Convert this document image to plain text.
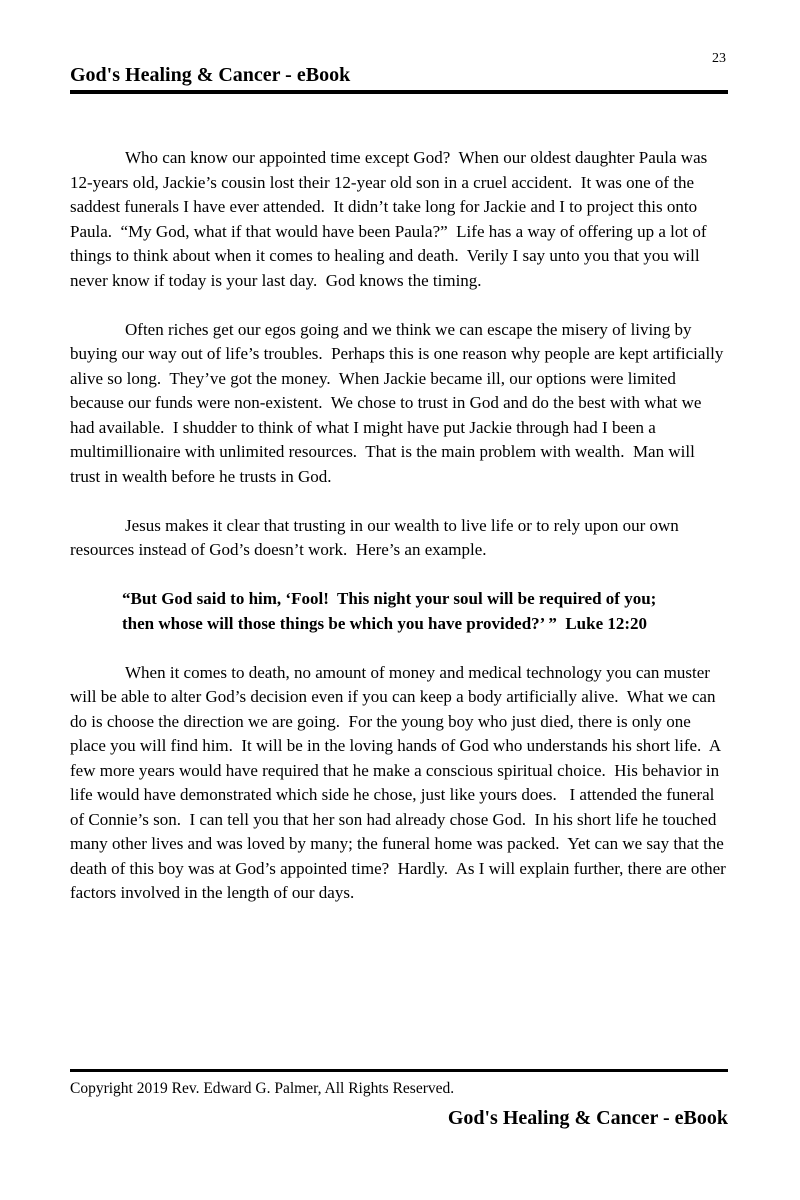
23
God's Healing & Cancer - eBook

Who can know our appointed time except God?  When our oldest daughter Paula was 12-years old, Jackie’s cousin lost their 12-year old son in a cruel accident.  It was one of the saddest funerals I have ever attended.  It didn’t take long for Jackie and I to project this onto Paula.  “My God, what if that would have been Paula?”  Life has a way of offering up a lot of things to think about when it comes to healing and death.  Verily I say unto you that you will never know if today is your last day.  God knows the timing.

Often riches get our egos going and we think we can escape the misery of living by buying our way out of life’s troubles.  Perhaps this is one reason why people are kept artificially alive so long.  They’ve got the money.  When Jackie became ill, our options were limited because our funds were non-existent.  We chose to trust in God and do the best with what we had available.  I shudder to think of what I might have put Jackie through had I been a multimillionaire with unlimited resources.  That is the main problem with wealth.  Man will trust in wealth before he trusts in God.

Jesus makes it clear that trusting in our wealth to live life or to rely upon our own resources instead of God’s doesn’t work.  Here’s an example.

“But God said to him, ‘Fool!  This night your soul will be required of you; then whose will those things be which you have provided?’ ”  Luke 12:20

When it comes to death, no amount of money and medical technology you can muster will be able to alter God’s decision even if you can keep a body artificially alive.  What we can do is choose the direction we are going.  For the young boy who just died, there is only one place you will find him.  It will be in the loving hands of God who understands his short life.  A few more years would have required that he make a conscious spiritual choice.  His behavior in life would have demonstrated which side he chose, just like yours does.   I attended the funeral of Connie’s son.  I can tell you that her son had already chose God.  In his short life he touched many other lives and was loved by many; the funeral home was packed.  Yet can we say that the death of this boy was at God’s appointed time?  Hardly.  As I will explain further, there are other factors involved in the length of our days.

Copyright 2019 Rev. Edward G. Palmer, All Rights Reserved.
God's Healing & Cancer - eBook
